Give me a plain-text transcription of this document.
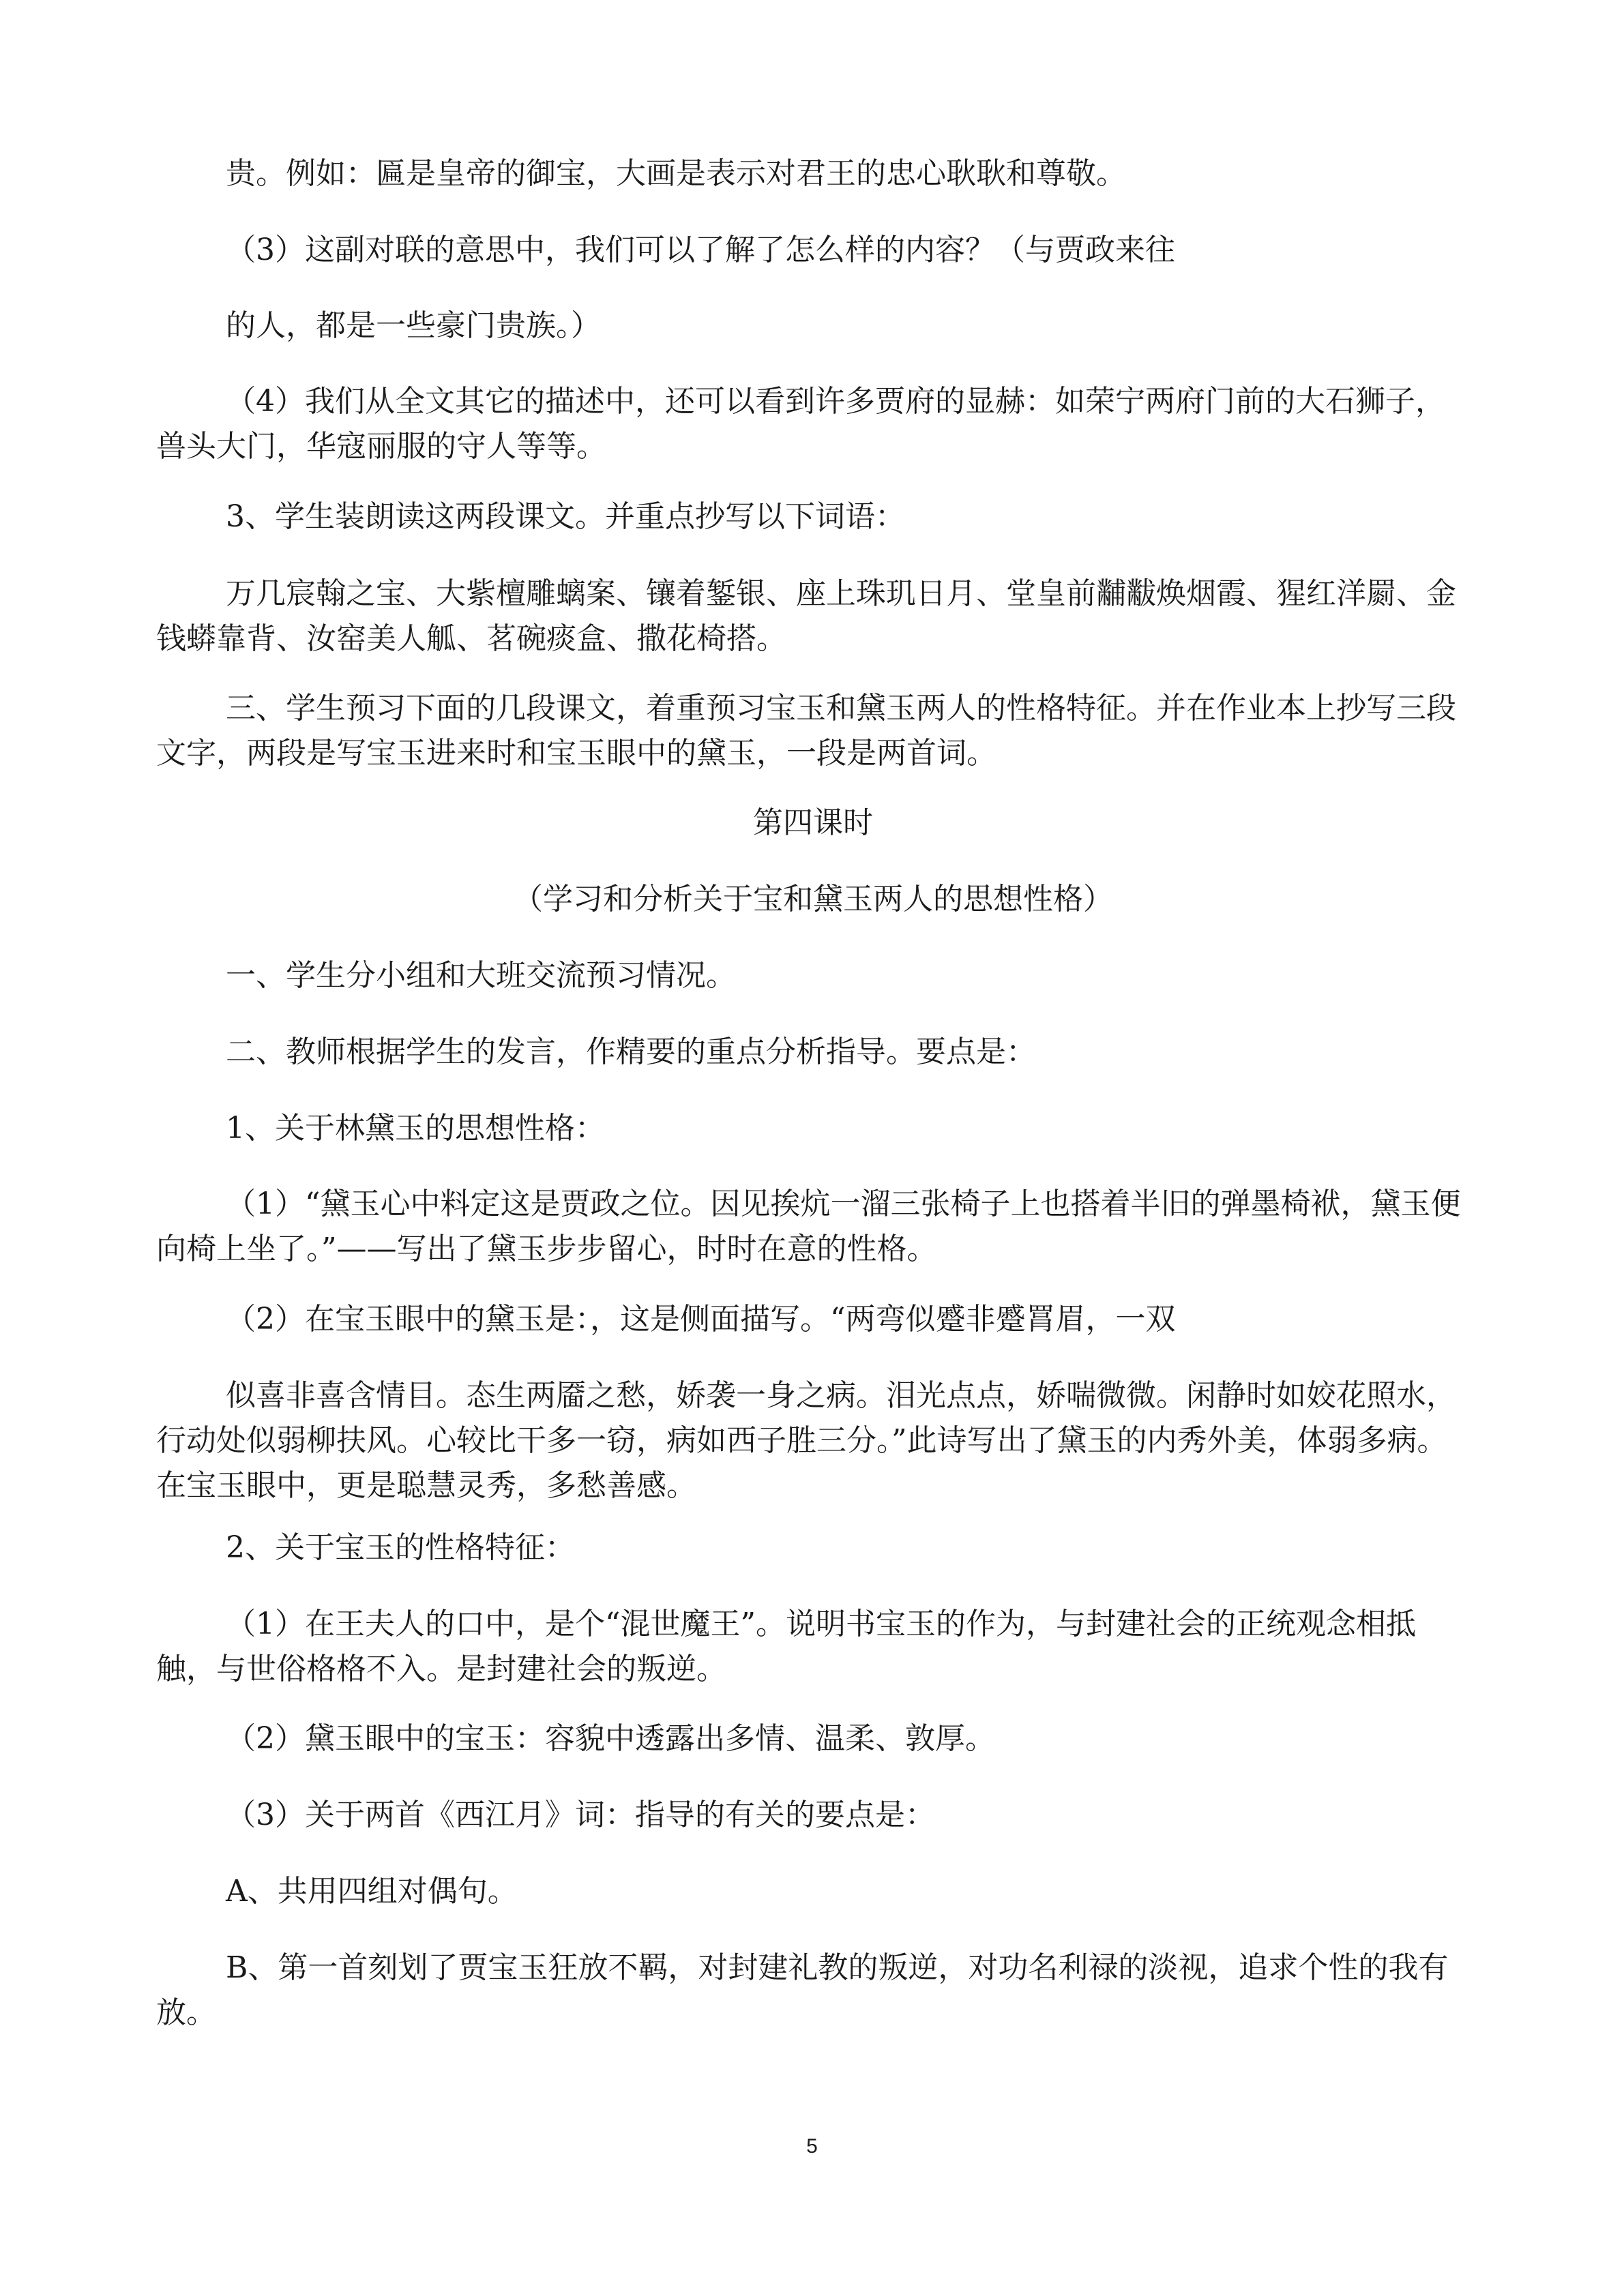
贵。例如：匾是皇帝的御宝，大画是表示对君王的忠心耿耿和尊敬。

（3）这副对联的意思中，我们可以了解了怎么样的内容？（与贾政来往

的人，都是一些豪门贵族。）

（4）我们从全文其它的描述中，还可以看到许多贾府的显赫：如荣宁两府门前的大石狮子，兽头大门，华寇丽服的守人等等。

3、学生装朗读这两段课文。并重点抄写以下词语：

万几宸翰之宝、大紫檀雕螭案、镶着錾银、座上珠玑日月、堂皇前黼黻焕烟霞、猩红洋罽、金钱蟒靠背、汝窑美人觚、茗碗痰盒、撒花椅搭。

三、学生预习下面的几段课文，着重预习宝玉和黛玉两人的性格特征。并在作业本上抄写三段文字，两段是写宝玉进来时和宝玉眼中的黛玉，一段是两首词。

第四课时

（学习和分析关于宝和黛玉两人的思想性格）

一、学生分小组和大班交流预习情况。

二、教师根据学生的发言，作精要的重点分析指导。要点是：

1、关于林黛玉的思想性格：

（1）“黛玉心中料定这是贾政之位。因见挨炕一溜三张椅子上也搭着半旧的弹墨椅袱，黛玉便向椅上坐了。”——写出了黛玉步步留心，时时在意的性格。

（2）在宝玉眼中的黛玉是：，这是侧面描写。“两弯似蹙非蹙罥眉，一双

似喜非喜含情目。态生两靥之愁，娇袭一身之病。泪光点点，娇喘微微。闲静时如姣花照水，行动处似弱柳扶风。心较比干多一窃，病如西子胜三分。”此诗写出了黛玉的内秀外美，体弱多病。在宝玉眼中，更是聪慧灵秀，多愁善感。

2、关于宝玉的性格特征：

（1）在王夫人的口中，是个“混世魔王”。说明书宝玉的作为，与封建社会的正统观念相抵触，与世俗格格不入。是封建社会的叛逆。

（2）黛玉眼中的宝玉：容貌中透露出多情、温柔、敦厚。

（3）关于两首《西江月》词：指导的有关的要点是：

A、共用四组对偶句。

B、第一首刻划了贾宝玉狂放不羁，对封建礼教的叛逆，对功名利禄的淡视，追求个性的我有放。

5
